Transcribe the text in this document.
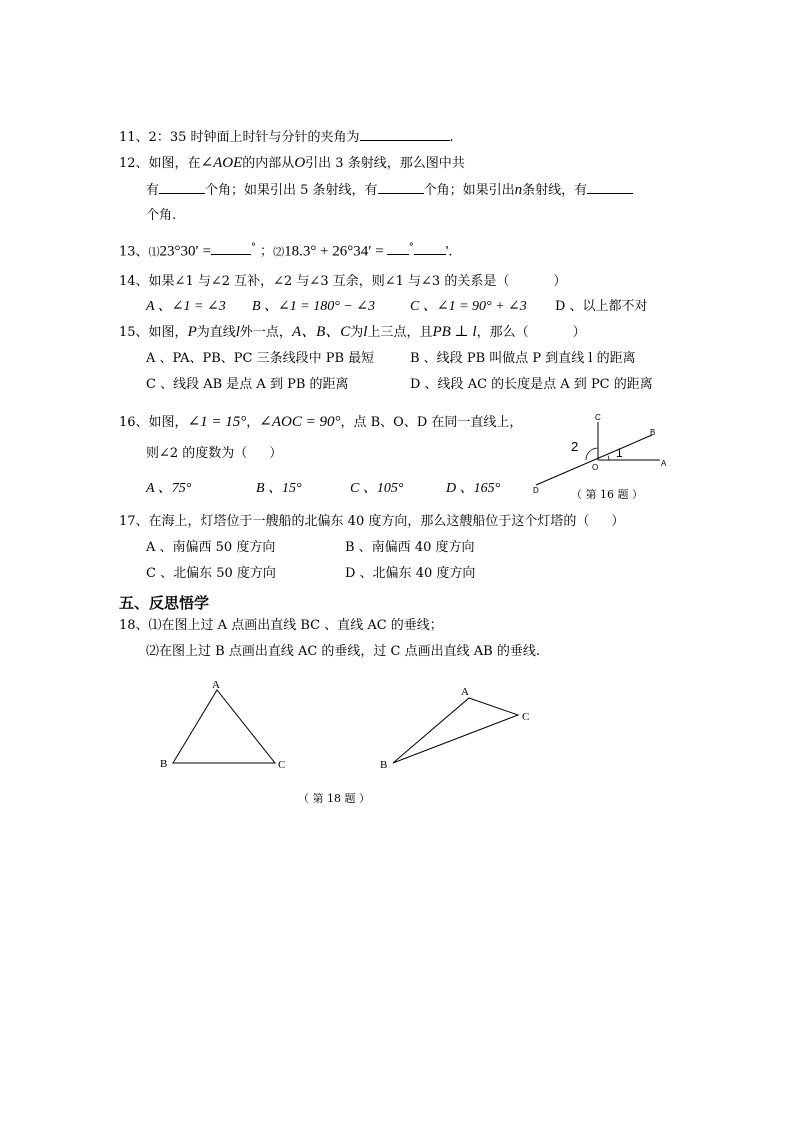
11、2：35 时钟面上时针与分针的夹角为	.
12、如图，在∠AOE的内部从O引出 3 条射线，那么图中共
有	个角；如果引出 5 条射线，有	个角；如果引出n条射线，有
个角.
13、⑴23°30′ =	° ；⑵18.3° + 26°34′ =	° '.
14、如果∠1 与∠2 互补，∠2 与∠3 互余，则∠1 与∠3 的关系是（	）
A 、∠1 = ∠3 B 、∠1 = 180° − ∠3 C 、∠1 = 90° + ∠3 D 、以上都不对
15、如图，P为直线l外一点，A、B、C为l上三点，且PB ⊥ l，那么（	）
A 、PA、PB、PC 三条线段中 PB 最短	B 、线段 PB 叫做点 P 到直线 l 的距离
C 、线段 AB 是点 A 到 PB 的距离	D 、线段 AC 的长度是点 A 到 PC 的距离
16、如图，∠1 = 15°，∠AOC = 90°，点 B、O、D 在同一直线上，
则∠2 的度数为（ ）
A 、75°	B 、15°	C 、105°	D 、165°
C
B
A
O
D
1
2
（ 第 16 题 ）
17、在海上，灯塔位于一艘船的北偏东 40 度方向，那么这艘船位于这个灯塔的（ ）
A 、南偏西 50 度方向	B 、南偏西 40 度方向
C 、北偏东 50 度方向	D 、北偏东 40 度方向
五、反思悟学
18、⑴在图上过 A 点画出直线 BC 、直线 AC 的垂线；
⑵在图上过 B 点画出直线 AC 的垂线，过 C 点画出直线 AB 的垂线.
A
B	C
A
B
C
（ 第 18 题 ）
